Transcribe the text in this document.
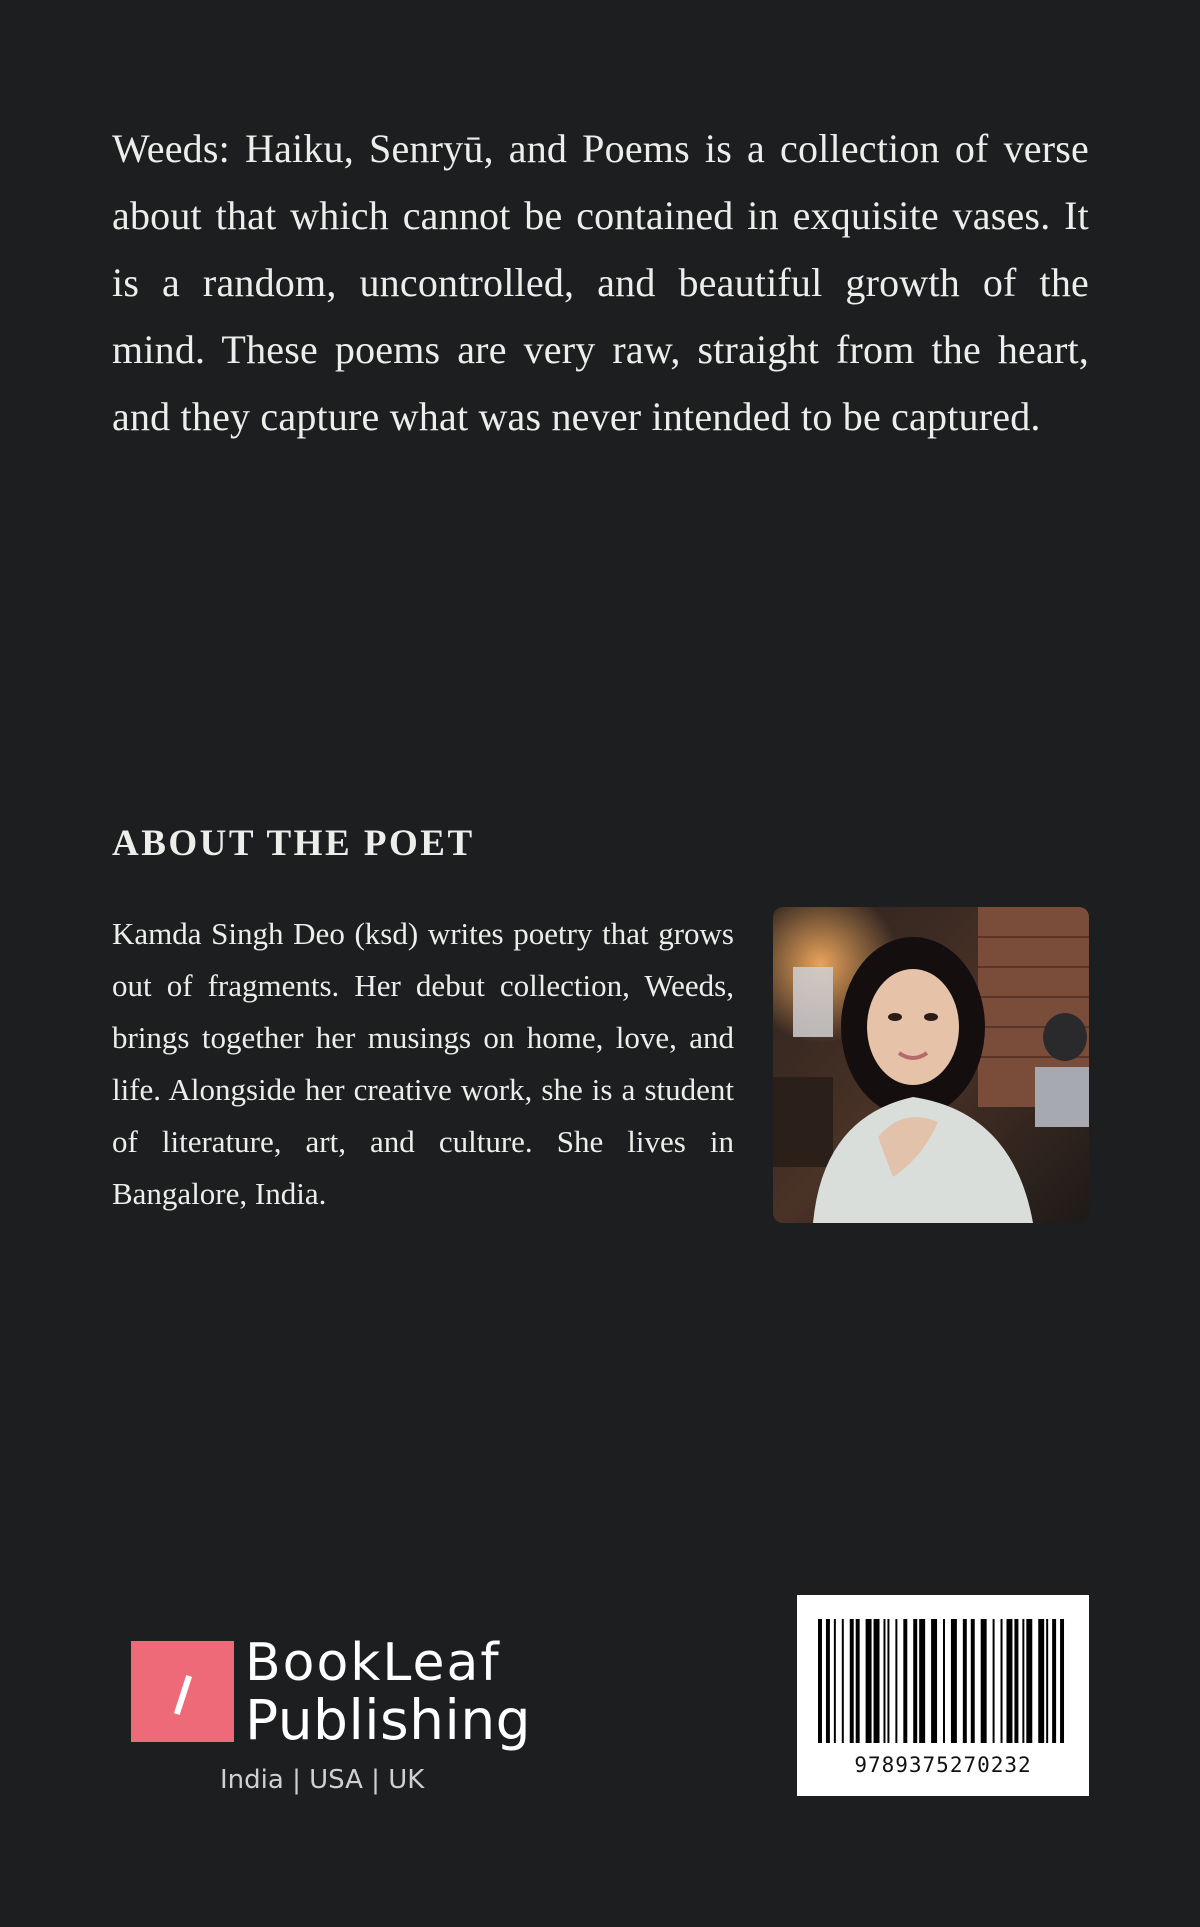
Weeds: Haiku, Senryū, and Poems is a collection of verse about that which cannot be contained in exquisite vases. It is a random, uncontrolled, and beautiful growth of the mind. These poems are very raw, straight from the heart, and they capture what was never intended to be captured.

ABOUT THE POET

Kamda Singh Deo (ksd) writes poetry that grows out of fragments. Her debut collection, Weeds, brings together her musings on home, love, and life. Alongside her creative work, she is a student of literature, art, and culture. She lives in Bangalore, India.

BookLeaf
Publishing
India | USA | UK	9789375270232
